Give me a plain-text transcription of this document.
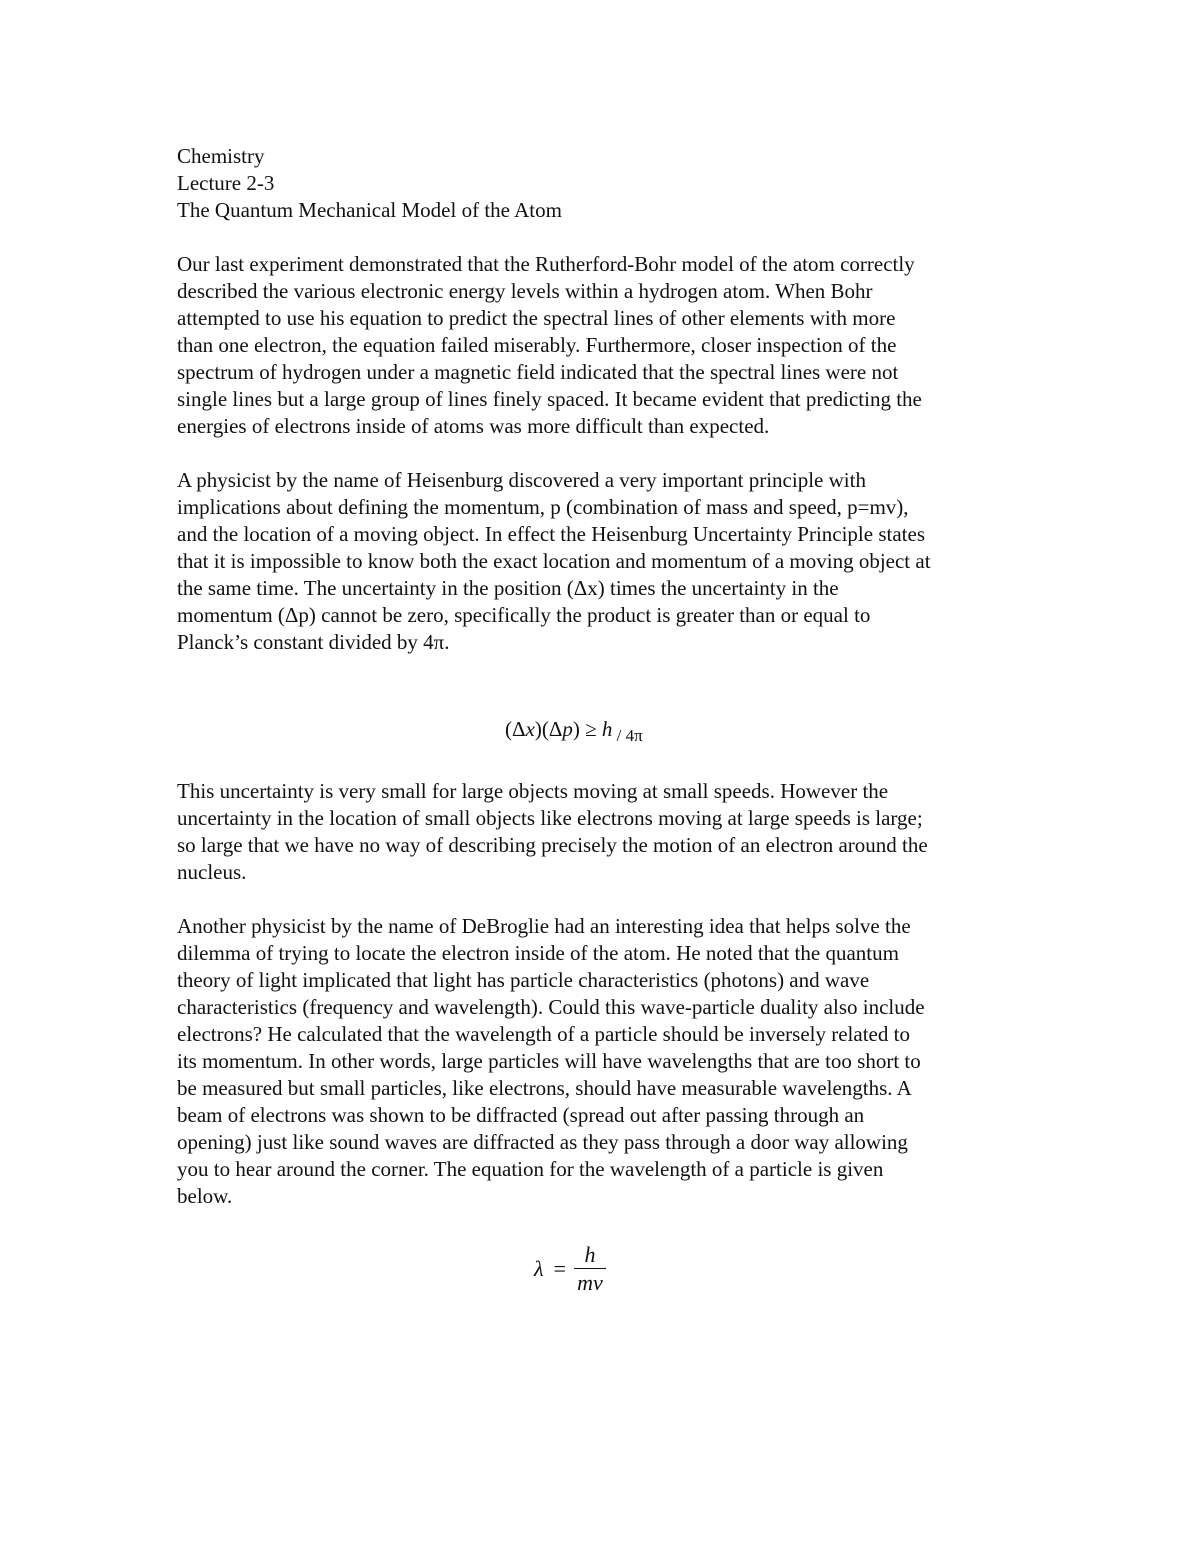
Chemistry
Lecture 2-3
The Quantum Mechanical Model of the Atom
Our last experiment demonstrated that the Rutherford-Bohr model of the atom correctly
described the various electronic energy levels within a hydrogen atom. When Bohr
attempted to use his equation to predict the spectral lines of other elements with more
than one electron, the equation failed miserably. Furthermore, closer inspection of the
spectrum of hydrogen under a magnetic field indicated that the spectral lines were not
single lines but a large group of lines finely spaced. It became evident that predicting the
energies of electrons inside of atoms was more difficult than expected.
A physicist by the name of Heisenburg discovered a very important principle with
implications about defining the momentum, p (combination of mass and speed, p=mv),
and the location of a moving object. In effect the Heisenburg Uncertainty Principle states
that it is impossible to know both the exact location and momentum of a moving object at
the same time. The uncertainty in the position (Δx) times the uncertainty in the
momentum (Δp) cannot be zero, specifically the product is greater than or equal to
Planck’s constant divided by 4π.
(Δx)(Δp) ≥ h $_/$ $_{4\pi}$
This uncertainty is very small for large objects moving at small speeds. However the
uncertainty in the location of small objects like electrons moving at large speeds is large;
so large that we have no way of describing precisely the motion of an electron around the
nucleus.
Another physicist by the name of DeBroglie had an interesting idea that helps solve the
dilemma of trying to locate the electron inside of the atom. He noted that the quantum
theory of light implicated that light has particle characteristics (photons) and wave
characteristics (frequency and wavelength). Could this wave-particle duality also include
electrons? He calculated that the wavelength of a particle should be inversely related to
its momentum. In other words, large particles will have wavelengths that are too short to
be measured but small particles, like electrons, should have measurable wavelengths. A
beam of electrons was shown to be diffracted (spread out after passing through an
opening) just like sound waves are diffracted as they pass through a door way allowing
you to hear around the corner. The equation for the wavelength of a particle is given
below.
$\lambda = \frac{h}{mv}$
